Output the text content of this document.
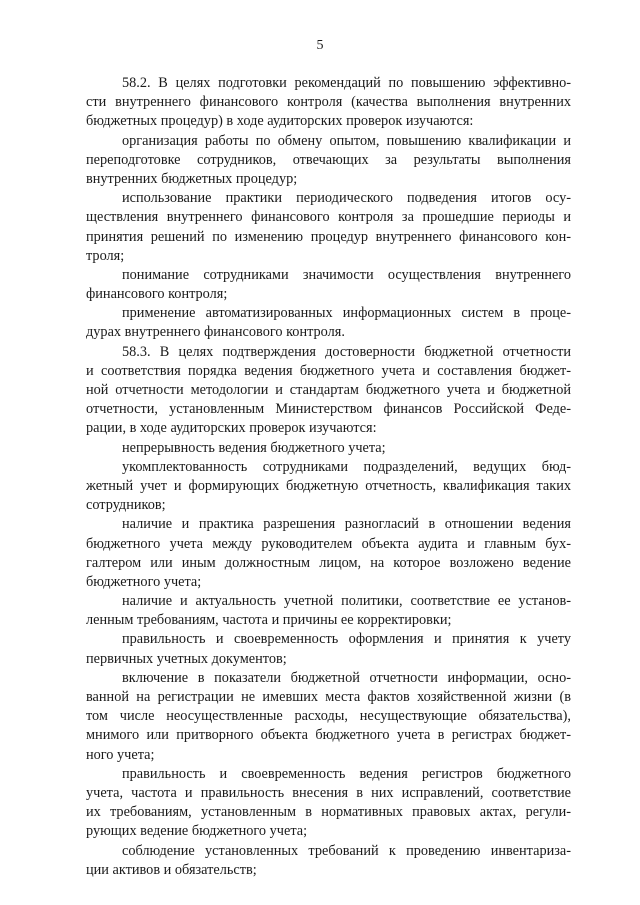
5
58.2. В целях подготовки рекомендаций по повышению эффективно-
сти внутреннего финансового контроля (качества выполнения внутренних
бюджетных процедур) в ходе аудиторских проверок изучаются:
организация работы по обмену опытом, повышению квалификации и
переподготовке сотрудников, отвечающих за результаты выполнения
внутренних бюджетных процедур;
использование практики периодического подведения итогов осу-
ществления внутреннего финансового контроля за прошедшие периоды и
принятия решений по изменению процедур внутреннего финансового кон-
троля;
понимание сотрудниками значимости осуществления внутреннего
финансового контроля;
применение автоматизированных информационных систем в проце-
дурах внутреннего финансового контроля.
58.3. В целях подтверждения достоверности бюджетной отчетности
и соответствия порядка ведения бюджетного учета и составления бюджет-
ной отчетности методологии и стандартам бюджетного учета и бюджетной
отчетности, установленным Министерством финансов Российской Феде-
рации, в ходе аудиторских проверок изучаются:
непрерывность ведения бюджетного учета;
укомплектованность сотрудниками подразделений, ведущих бюд-
жетный учет и формирующих бюджетную отчетность, квалификация таких
сотрудников;
наличие и практика разрешения разногласий в отношении ведения
бюджетного учета между руководителем объекта аудита и главным бух-
галтером или иным должностным лицом, на которое возложено ведение
бюджетного учета;
наличие и актуальность учетной политики, соответствие ее установ-
ленным требованиям, частота и причины ее корректировки;
правильность и своевременность оформления и принятия к учету
первичных учетных документов;
включение в показатели бюджетной отчетности информации, осно-
ванной на регистрации не имевших места фактов хозяйственной жизни (в
том числе неосуществленные расходы, несуществующие обязательства),
мнимого или притворного объекта бюджетного учета в регистрах бюджет-
ного учета;
правильность и своевременность ведения регистров бюджетного
учета, частота и правильность внесения в них исправлений, соответствие
их требованиям, установленным в нормативных правовых актах, регули-
рующих ведение бюджетного учета;
соблюдение установленных требований к проведению инвентариза-
ции активов и обязательств;
